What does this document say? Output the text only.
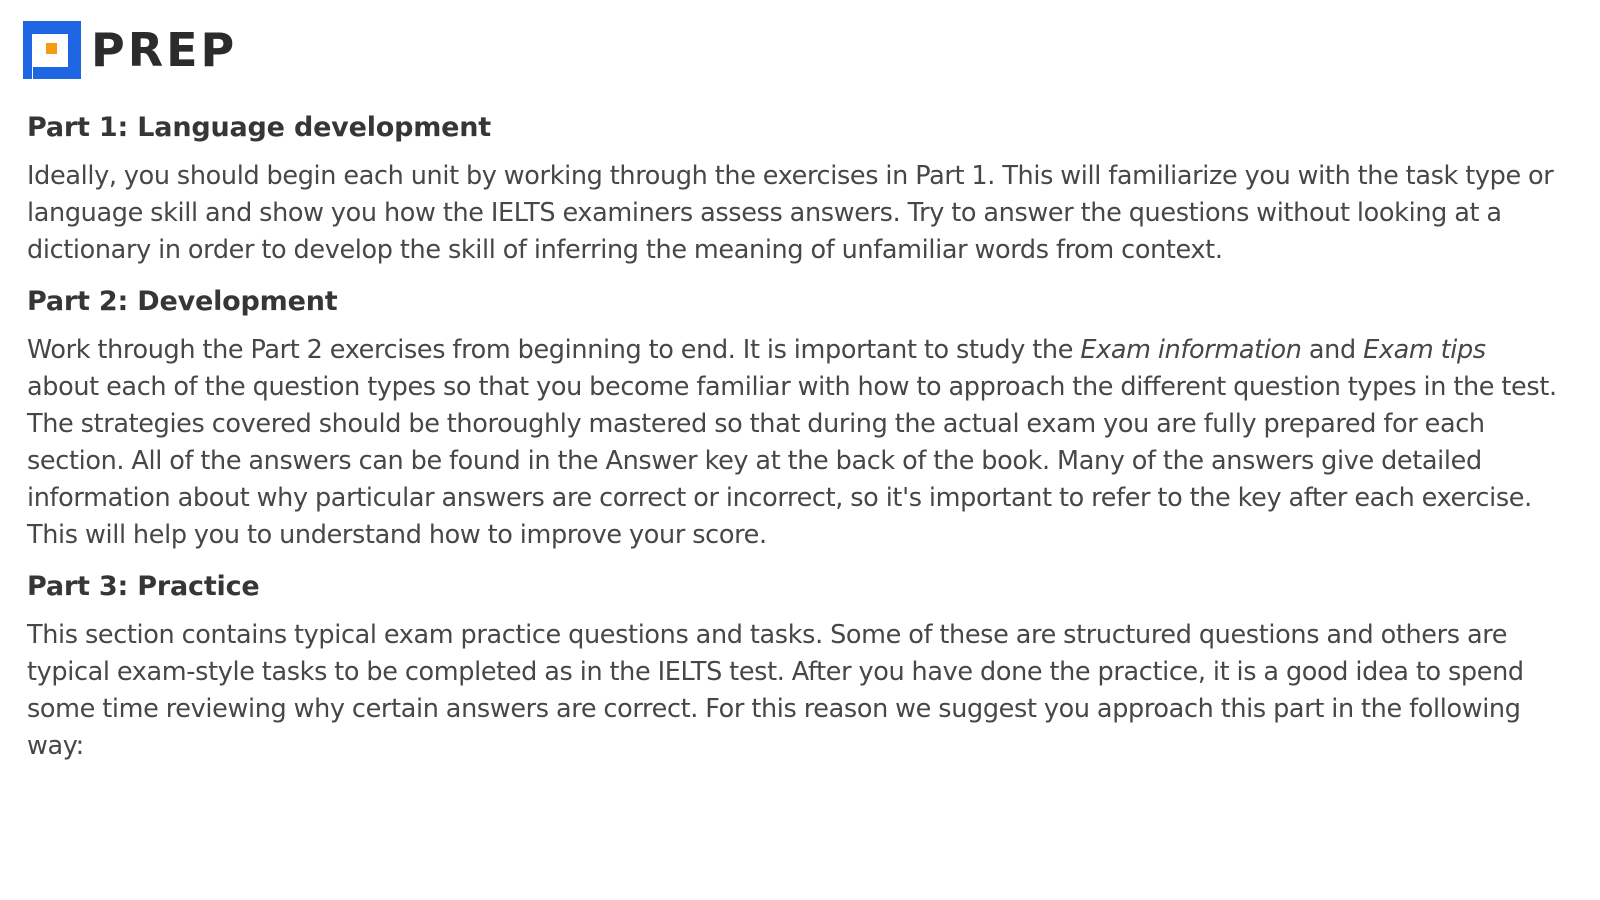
PREP
Part 1: Language development

Ideally, you should begin each unit by working through the exercises in Part 1. This will familiarize you with the task type or language skill and show you how the IELTS examiners assess answers. Try to answer the questions without looking at a dictionary in order to develop the skill of inferring the meaning of unfamiliar words from context.

Part 2: Development

Work through the Part 2 exercises from beginning to end. It is important to study the Exam information and Exam tips about each of the question types so that you become familiar with how to approach the different question types in the test. The strategies covered should be thoroughly mastered so that during the actual exam you are fully prepared for each section. All of the answers can be found in the Answer key at the back of the book. Many of the answers give detailed information about why particular answers are correct or incorrect, so it's important to refer to the key after each exercise. This will help you to understand how to improve your score.

Part 3: Practice

This section contains typical exam practice questions and tasks. Some of these are structured questions and others are typical exam-style tasks to be completed as in the IELTS test. After you have done the practice, it is a good idea to spend some time reviewing why certain answers are correct. For this reason we suggest you approach this part in the following way:
